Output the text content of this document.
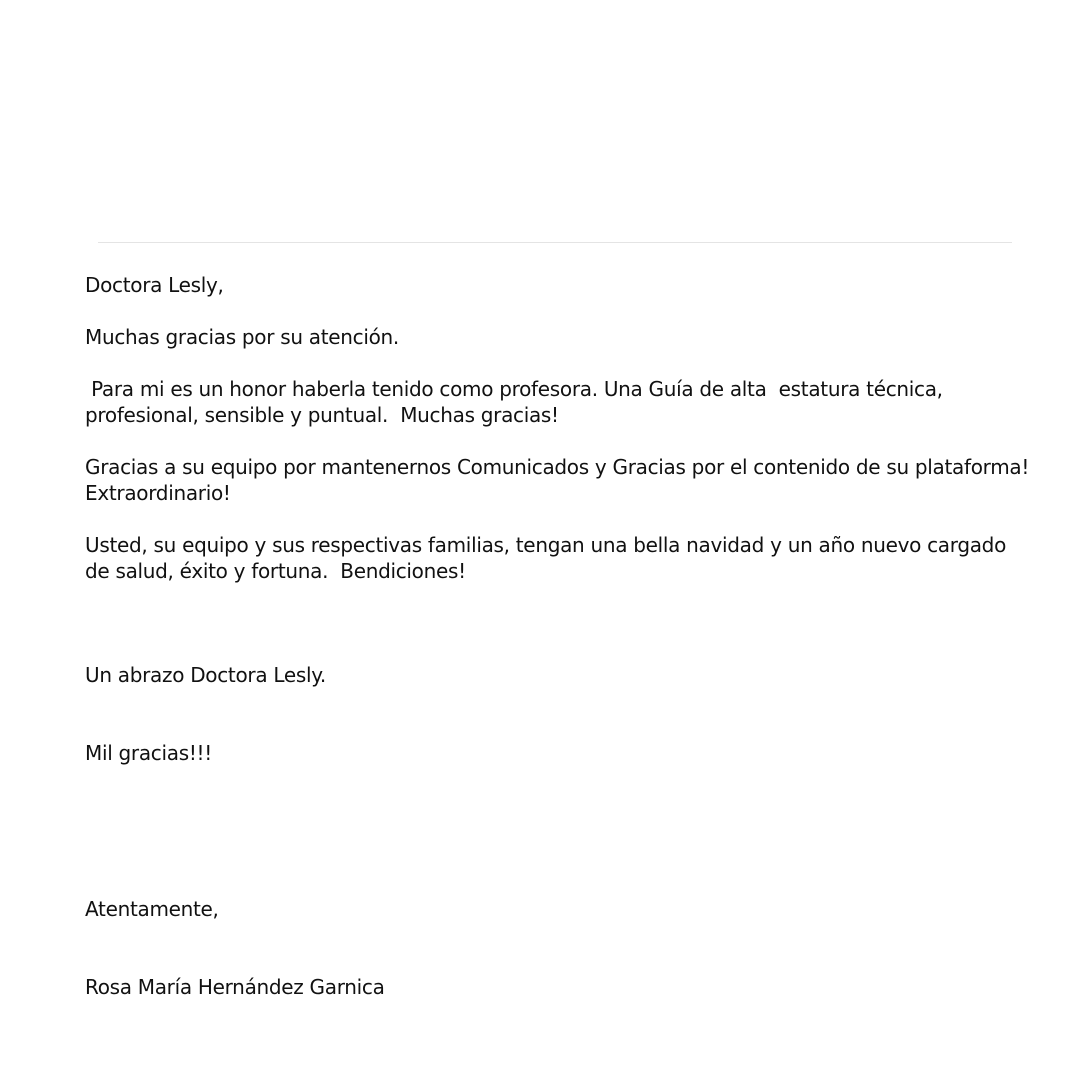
Doctora Lesly,

Muchas gracias por su atención.

Para mi es un honor haberla tenido como profesora. Una Guía de alta  estatura técnica, profesional, sensible y puntual.  Muchas gracias!

Gracias a su equipo por mantenernos Comunicados y Gracias por el contenido de su plataforma! Extraordinario!

Usted, su equipo y sus respectivas familias, tengan una bella navidad y un año nuevo cargado de salud, éxito y fortuna.  Bendiciones!

Un abrazo Doctora Lesly.

Mil gracias!!!

Atentamente,

Rosa María Hernández Garnica
